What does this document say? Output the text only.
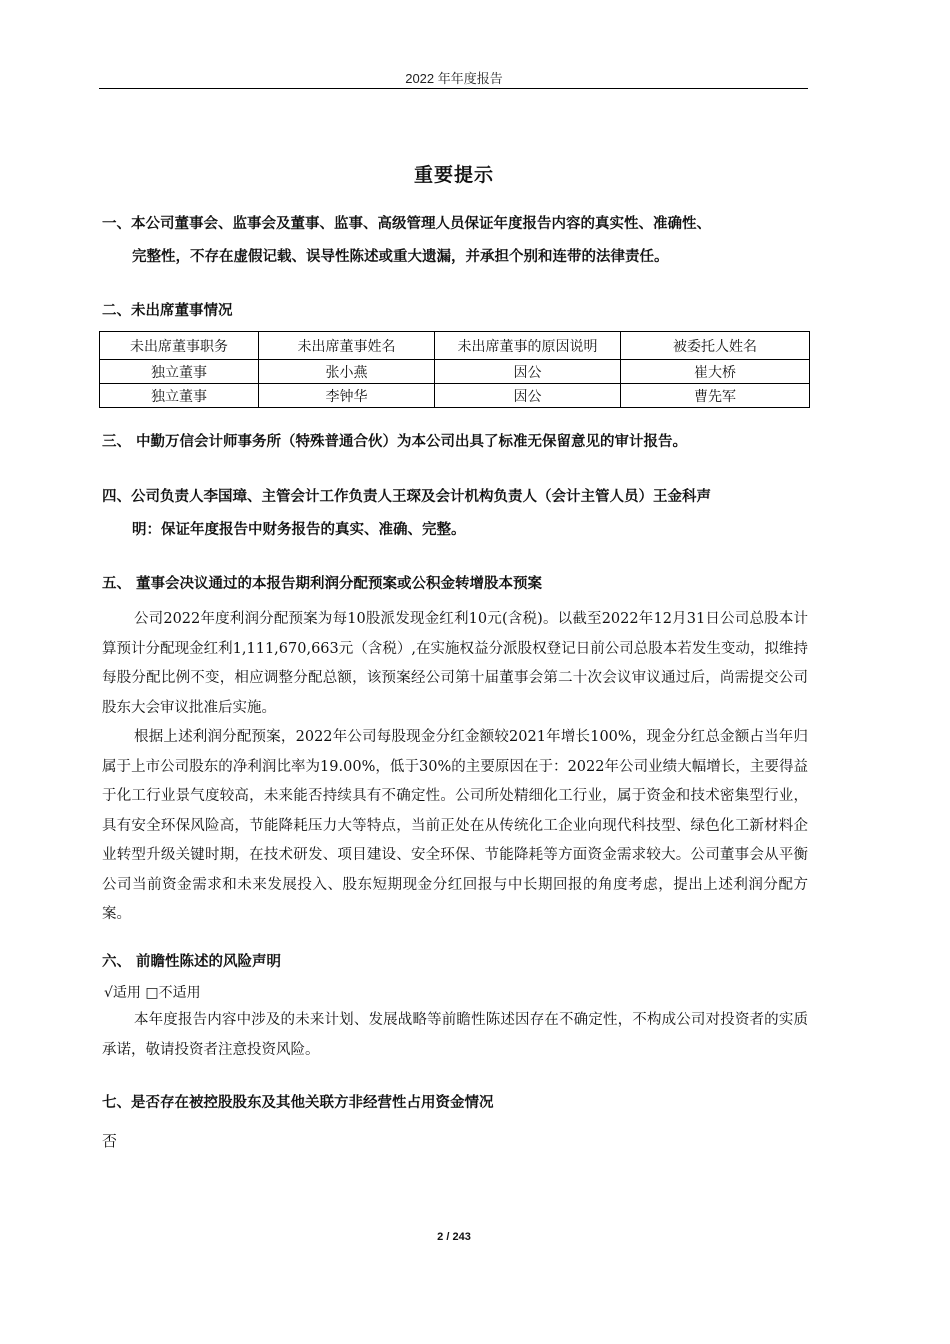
2022 年年度报告
重要提示
一、本公司董事会、监事会及董事、监事、高级管理人员保证年度报告内容的真实性、准确性、
完整性，不存在虚假记载、误导性陈述或重大遗漏，并承担个别和连带的法律责任。
二、未出席董事情况
未出席董事职务	未出席董事姓名	未出席董事的原因说明	被委托人姓名
独立董事	张小燕	因公	崔大桥
独立董事	李钟华	因公	曹先军
三、 中勤万信会计师事务所（特殊普通合伙）为本公司出具了标准无保留意见的审计报告。
四、公司负责人李国璋、主管会计工作负责人王琛及会计机构负责人（会计主管人员）王金科声
明：保证年度报告中财务报告的真实、准确、完整。
五、 董事会决议通过的本报告期利润分配预案或公积金转增股本预案
公司2022年度利润分配预案为每10股派发现金红利10元(含税)。以截至2022年12月31日公司总股本计算预计分配现金红利1,111,670,663元（含税）,在实施权益分派股权登记日前公司总股本若发生变动，拟维持每股分配比例不变，相应调整分配总额，该预案经公司第十届董事会第二十次会议审议通过后，尚需提交公司股东大会审议批准后实施。
根据上述利润分配预案，2022年公司每股现金分红金额较2021年增长100%，现金分红总金额占当年归属于上市公司股东的净利润比率为19.00%，低于30%的主要原因在于：2022年公司业绩大幅增长，主要得益于化工行业景气度较高，未来能否持续具有不确定性。公司所处精细化工行业，属于资金和技术密集型行业，具有安全环保风险高，节能降耗压力大等特点，当前正处在从传统化工企业向现代科技型、绿色化工新材料企业转型升级关键时期，在技术研发、项目建设、安全环保、节能降耗等方面资金需求较大。公司董事会从平衡公司当前资金需求和未来发展投入、股东短期现金分红回报与中长期回报的角度考虑，提出上述利润分配方案。
六、 前瞻性陈述的风险声明
√适用 □不适用
本年度报告内容中涉及的未来计划、发展战略等前瞻性陈述因存在不确定性，不构成公司对投资者的实质承诺，敬请投资者注意投资风险。
七、是否存在被控股股东及其他关联方非经营性占用资金情况
否
2 / 243
